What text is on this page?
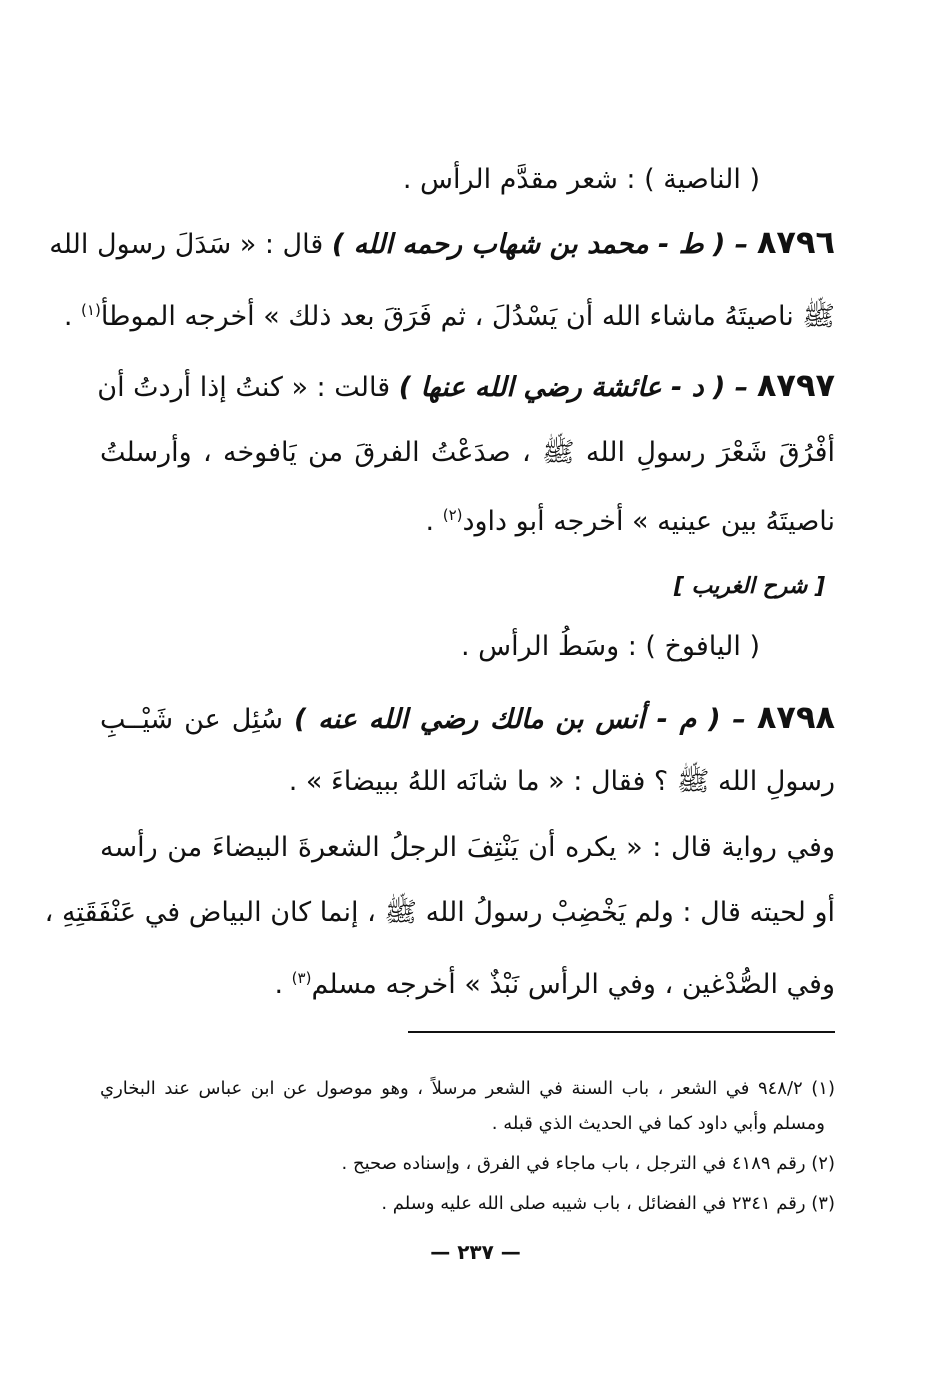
( الناصية ) : شعر مقدَّم الرأس .
٨٧٩٦ – ( ط - محمد بن شهاب رحمه الله ) قال : « سَدَلَ رسول الله
ﷺ ناصيتَهُ ماشاء الله أن يَسْدُلَ ، ثم فَرَقَ بعد ذلك » أخرجه الموطأ$^{(١)}$ .
٨٧٩٧ – ( د - عائشة رضي الله عنها ) قالت : « كنتُ إذا أردتُ أن
أفْرُقَ شَعْرَ رسولِ الله ﷺ ، صدَعْتُ الفرقَ من يَافوخه ، وأرسلتُ
ناصيتَهُ بين عينيه » أخرجه أبو داود$^{(٢)}$ .
[ شرح الغريب ]
( اليافوخ ) : وسَطُ الرأس .
٨٧٩٨ – ( م - أنس بن مالك رضي الله عنه ) سُئِل عن شَيْــبِ
رسولِ الله ﷺ ؟ فقال : « ما شانَه اللهُ ببيضاءَ » .
وفي رواية قال : « يكره أن يَنْتِفَ الرجلُ الشعرةَ البيضاءَ من رأسه
أو لحيته قال : ولم يَخْضِبْ رسولُ الله ﷺ ، إنما كان البياض في عَنْفَقَتِهِ ،
وفي الصُّدْغين ، وفي الرأس نَبْذٌ » أخرجه مسلم$^{(٣)}$ .
(١) ٩٤٨/٢ في الشعر ، باب السنة في الشعر مرسلاً ، وهو موصول عن ابن عباس عند البخاري
ومسلم وأبي داود كما في الحديث الذي قبله .
(٢) رقم ٤١٨٩ في الترجل ، باب ماجاء في الفرق ، وإسناده صحيح .
(٣) رقم ٢٣٤١ في الفضائل ، باب شيبه صلى الله عليه وسلم .
— ٢٣٧ —
